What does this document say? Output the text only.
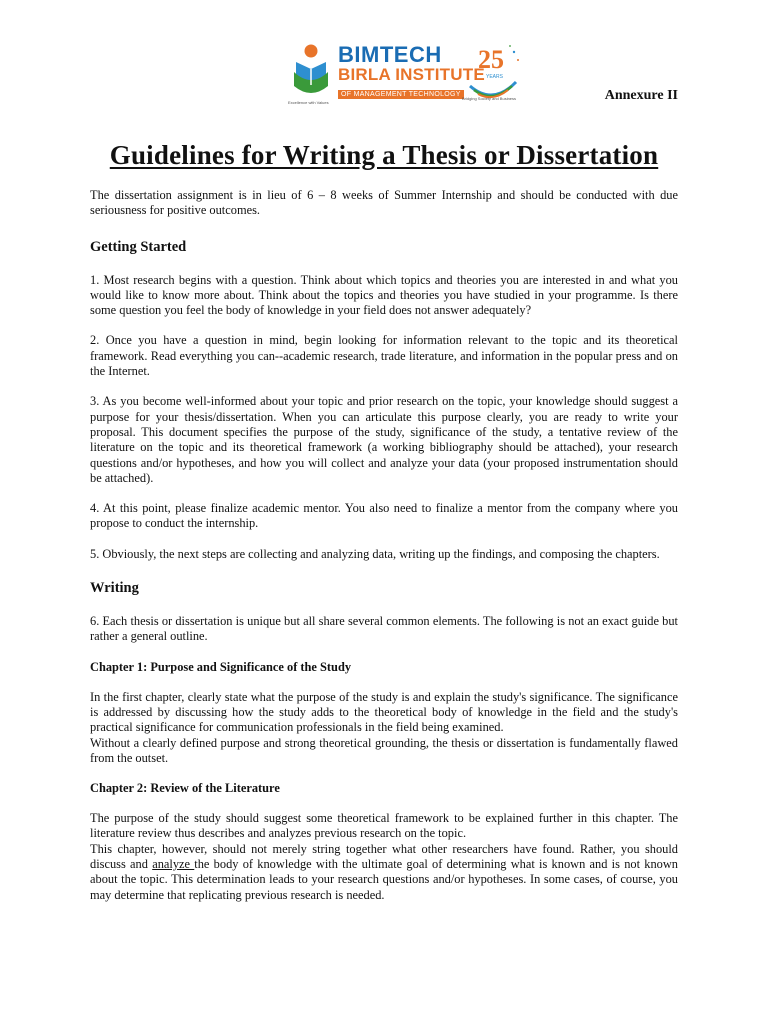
Excellence with Values
BIMTECH
BIRLA INSTITUTE
OF MANAGEMENT TECHNOLOGY
25
YEARS
Bridging Society and Business	Annexure II
Guidelines for Writing a Thesis or Dissertation

The dissertation assignment is in lieu of 6 – 8 weeks of Summer Internship and should be conducted with due seriousness for positive outcomes.

Getting Started

1. Most research begins with a question. Think about which topics and theories you are interested in and what you would like to know more about. Think about the topics and theories you have studied in your programme. Is there some question you feel the body of knowledge in your field does not answer adequately?

2. Once you have a question in mind, begin looking for information relevant to the topic and its theoretical framework. Read everything you can--academic research, trade literature, and information in the popular press and on the Internet.

3. As you become well-informed about your topic and prior research on the topic, your knowledge should suggest a purpose for your thesis/dissertation. When you can articulate this purpose clearly, you are ready to write your proposal. This document specifies the purpose of the study, significance of the study, a tentative review of the literature on the topic and its theoretical framework (a working bibliography should be attached), your research questions and/or hypotheses, and how you will collect and analyze your data (your proposed instrumentation should be attached).

4. At this point, please finalize academic mentor. You also need to finalize a mentor from the company where you propose to conduct the internship.

5. Obviously, the next steps are collecting and analyzing data, writing up the findings, and composing the chapters.

Writing

6. Each thesis or dissertation is unique but all share several common elements. The following is not an exact guide but rather a general outline.

Chapter 1: Purpose and Significance of the Study

In the first chapter, clearly state what the purpose of the study is and explain the study's significance. The significance is addressed by discussing how the study adds to the theoretical body of knowledge in the field and the study's practical significance for communication professionals in the field being examined.

Without a clearly defined purpose and strong theoretical grounding, the thesis or dissertation is fundamentally flawed from the outset.

Chapter 2: Review of the Literature

The purpose of the study should suggest some theoretical framework to be explained further in this chapter. The literature review thus describes and analyzes previous research on the topic.

This chapter, however, should not merely string together what other researchers have found. Rather, you should discuss and analyze the body of knowledge with the ultimate goal of determining what is known and is not known about the topic. This determination leads to your research questions and/or hypotheses. In some cases, of course, you may determine that replicating previous research is needed.
